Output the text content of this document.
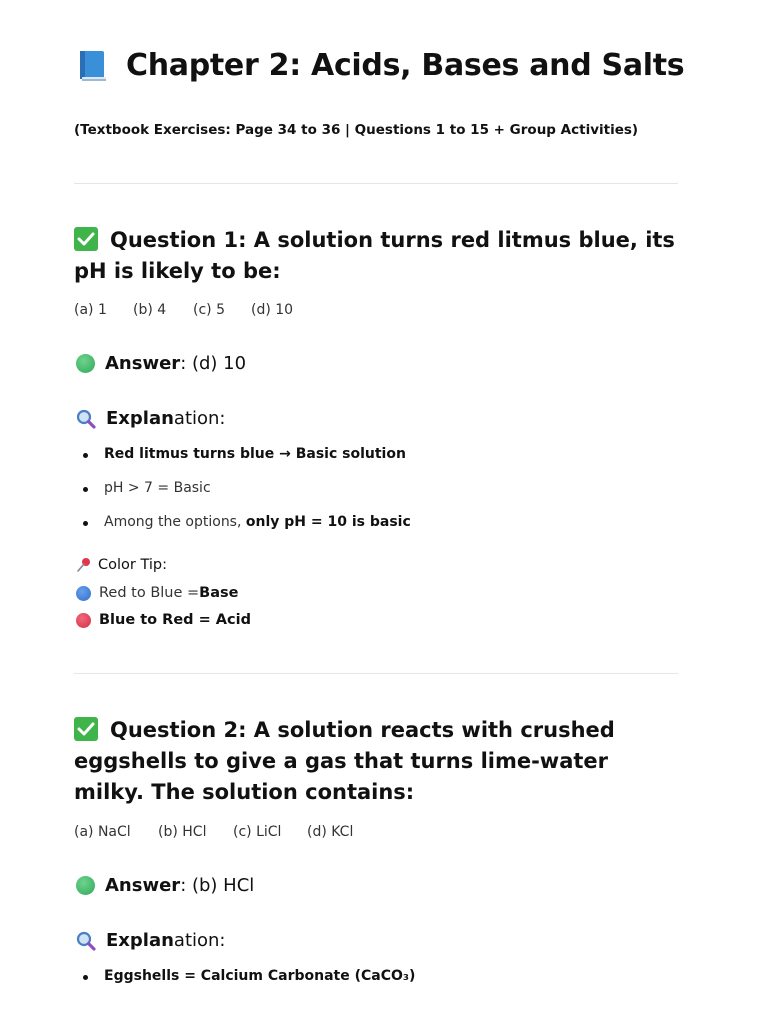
Chapter 2: Acids, Bases and Salts
(Textbook Exercises: Page 34 to 36 | Questions 1 to 15 + Group Activities)
Question 1: A solution turns red litmus blue, its pH is likely to be:
(a) 1	(b) 4	(c) 5	(d) 10
Answer : (d) 10
Explan ation:
Red litmus turns blue → Basic solution
pH > 7 = Basic
Among the options, only pH = 10 is basic
Color Tip:
Red to Blue = Base
Blue to Red = Acid
Question 2: A solution reacts with crushed eggshells to give a gas that turns lime-water milky. The solution contains:
(a) NaCl	(b) HCl	(c) LiCl	(d) KCl
Answer : (b) HCl
Explan ation:
Eggshells = Calcium Carbonate (CaCO₃)
